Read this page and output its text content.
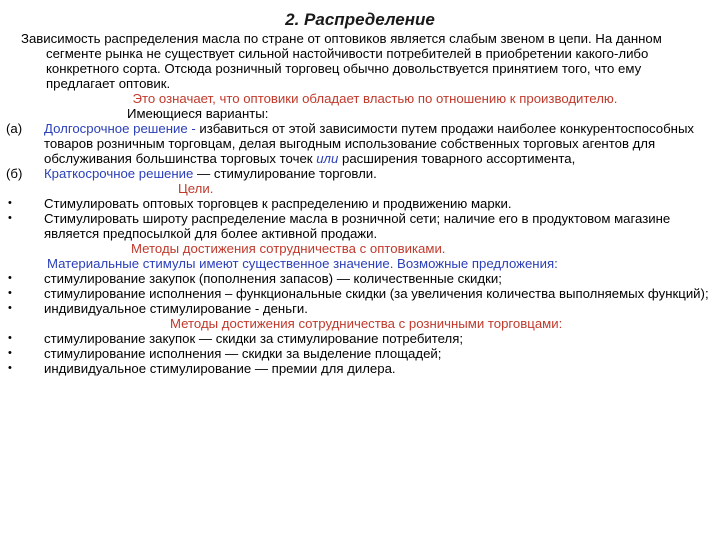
2. Распределение

Зависимость распределения масла по стране от оптовиков является слабым звеном в цепи. На данном сегменте рынка не существует сильной настойчивости потребителей в приобретении какого-либо конкретного сорта. Отсюда розничный торговец обычно довольствуется принятием того, что ему предлагает оптовик.

Это означает, что оптовики обладает властью по отношению к производителю.

Имеющиеся варианты:

(а) Долгосрочное решение - избавиться от этой зависимости путем продажи наиболее конкурентоспособных товаров розничным торговцам, делая выгодным использование собственных торговых агентов для обслуживания большинства торговых точек или расширения товарного ассортимента,

(б) Краткосрочное решение — стимулирование торговли.

Цели.

• Стимулировать оптовых торговцев к распределению и продвижению марки.

• Стимулировать широту распределение масла в розничной сети; наличие его в продуктовом магазине является предпосылкой для более активной продажи.

Методы достижения сотрудничества с оптовиками.

Материальные стимулы имеют существенное значение. Возможные предложения:

• стимулирование закупок (пополнения запасов) — количественные скидки;

• стимулирование исполнения – функциональные скидки (за увеличения количества выполняемых функций);

• индивидуальное стимулирование - деньги.

Методы достижения сотрудничества с розничными торговцами:

• стимулирование закупок — скидки за стимулирование потребителя;

• стимулирование исполнения — скидки за выделение площадей;

• индивидуальное стимулирование — премии для дилера.
